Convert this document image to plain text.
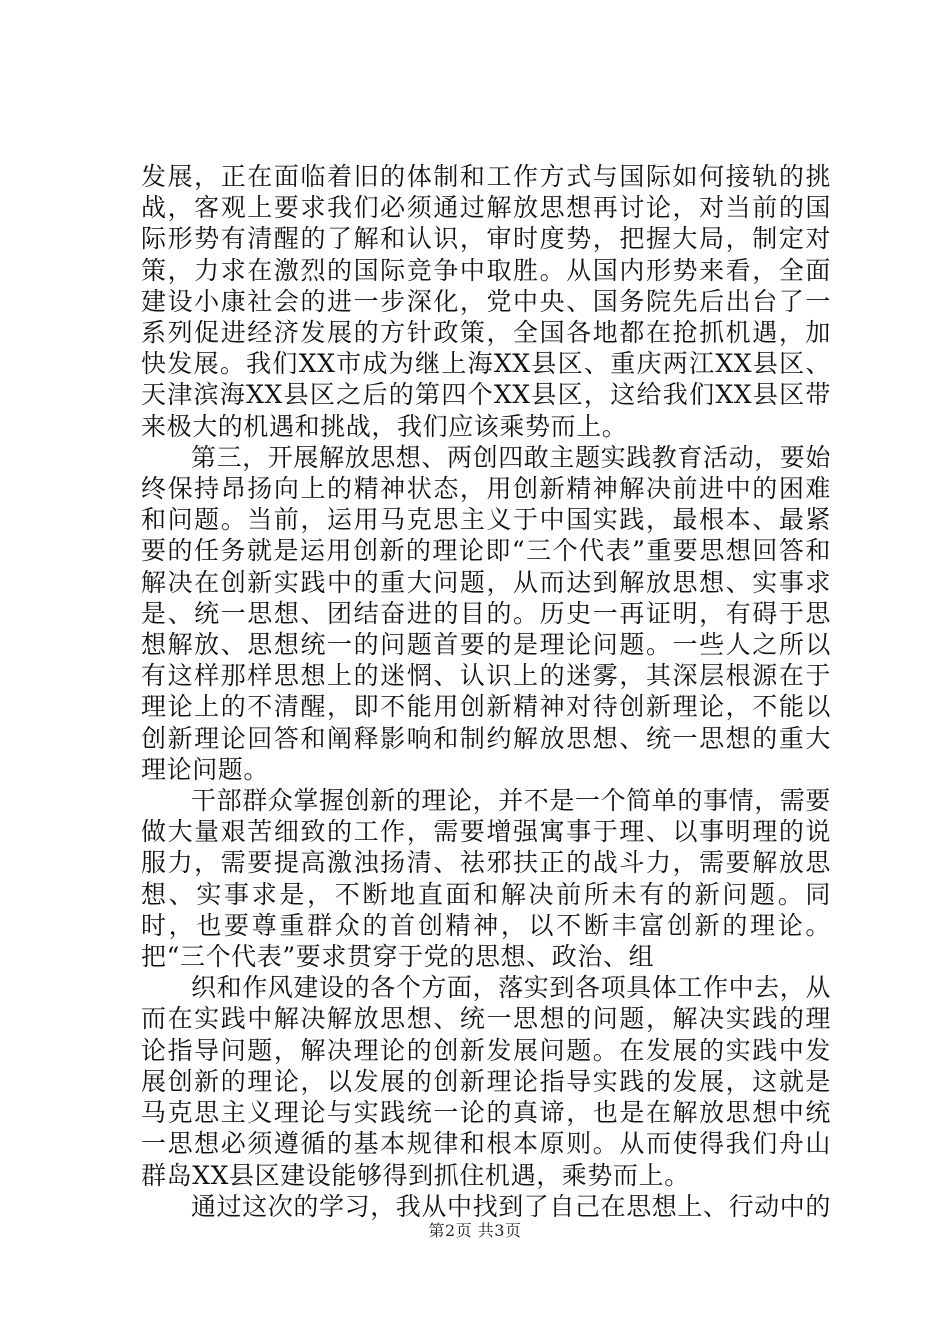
发展，正在面临着旧的体制和工作方式与国际如何接轨的挑战，客观上要求我们必须通过解放思想再讨论，对当前的国际形势有清醒的了解和认识，审时度势，把握大局，制定对策，力求在激烈的国际竞争中取胜。从国内形势来看，全面建设小康社会的进一步深化，党中央、国务院先后出台了一系列促进经济发展的方针政策，全国各地都在抢抓机遇，加快发展。我们XX市成为继上海XX县区、重庆两江XX县区、天津滨海XX县区之后的第四个XX县区，这给我们XX县区带来极大的机遇和挑战，我们应该乘势而上。

第三，开展解放思想、两创四敢主题实践教育活动，要始终保持昂扬向上的精神状态，用创新精神解决前进中的困难和问题。当前，运用马克思主义于中国实践，最根本、最紧要的任务就是运用创新的理论即“三个代表”重要思想回答和解决在创新实践中的重大问题，从而达到解放思想、实事求是、统一思想、团结奋进的目的。历史一再证明，有碍于思想解放、思想统一的问题首要的是理论问题。一些人之所以有这样那样思想上的迷惘、认识上的迷雾，其深层根源在于理论上的不清醒，即不能用创新精神对待创新理论，不能以创新理论回答和阐释影响和制约解放思想、统一思想的重大理论问题。

干部群众掌握创新的理论，并不是一个简单的事情，需要做大量艰苦细致的工作，需要增强寓事于理、以事明理的说服力，需要提高激浊扬清、祛邪扶正的战斗力，需要解放思想、实事求是，不断地直面和解决前所未有的新问题。同时，也要尊重群众的首创精神，以不断丰富创新的理论。把“三个代表”要求贯穿于党的思想、政治、组

织和作风建设的各个方面，落实到各项具体工作中去，从而在实践中解决解放思想、统一思想的问题，解决实践的理论指导问题，解决理论的创新发展问题。在发展的实践中发展创新的理论，以发展的创新理论指导实践的发展，这就是马克思主义理论与实践统一论的真谛，也是在解放思想中统一思想必须遵循的基本规律和根本原则。从而使得我们舟山群岛XX县区建设能够得到抓住机遇，乘势而上。

通过这次的学习，我从中找到了自己在思想上、行动中的

第2页 共3页
